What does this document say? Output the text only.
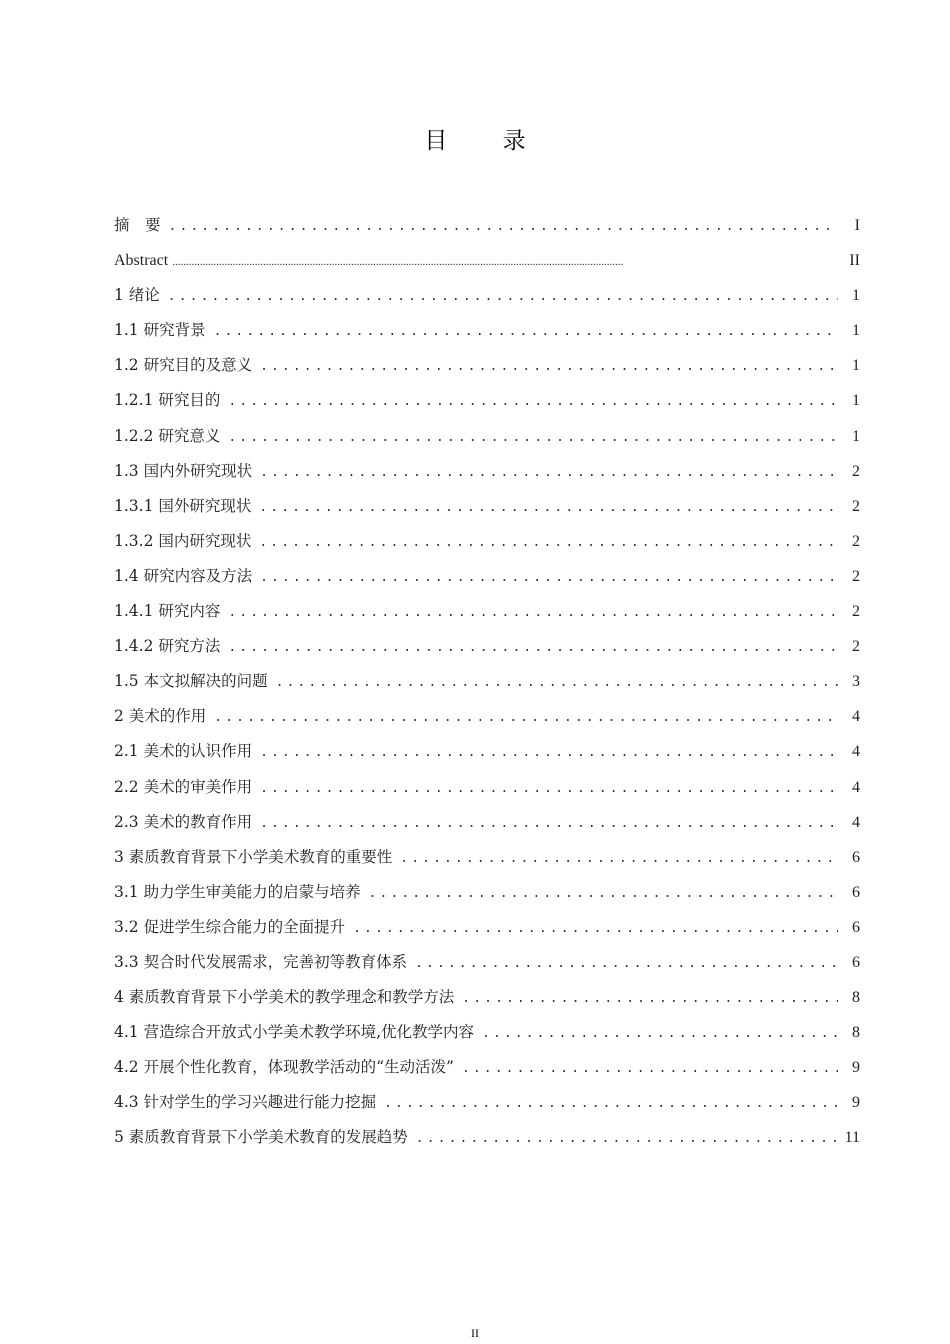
目 录
摘　要 .....	I
Abstract .....	II
1 绪论 .....	1
1.1 研究背景 .....	1
1.2 研究目的及意义 .....	1
1.2.1 研究目的 .....	1
1.2.2 研究意义 .....	1
1.3 国内外研究现状 .....	2
1.3.1 国外研究现状 .....	2
1.3.2 国内研究现状 .....	2
1.4 研究内容及方法 .....	2
1.4.1 研究内容 .....	2
1.4.2 研究方法 .....	2
1.5 本文拟解决的问题 .....	3
2 美术的作用 .....	4
2.1 美术的认识作用 .....	4
2.2 美术的审美作用 .....	4
2.3 美术的教育作用 .....	4
3 素质教育背景下小学美术教育的重要性 .....	6
3.1 助力学生审美能力的启蒙与培养 .....	6
3.2 促进学生综合能力的全面提升 .....	6
3.3 契合时代发展需求，完善初等教育体系 .....	6
4 素质教育背景下小学美术的教学理念和教学方法 .....	8
4.1 营造综合开放式小学美术教学环境,优化教学内容 .....	8
4.2 开展个性化教育，体现教学活动的“生动活泼” .....	9
4.3 针对学生的学习兴趣进行能力挖掘 .....	9
5 素质教育背景下小学美术教育的发展趋势 .....	11
II
